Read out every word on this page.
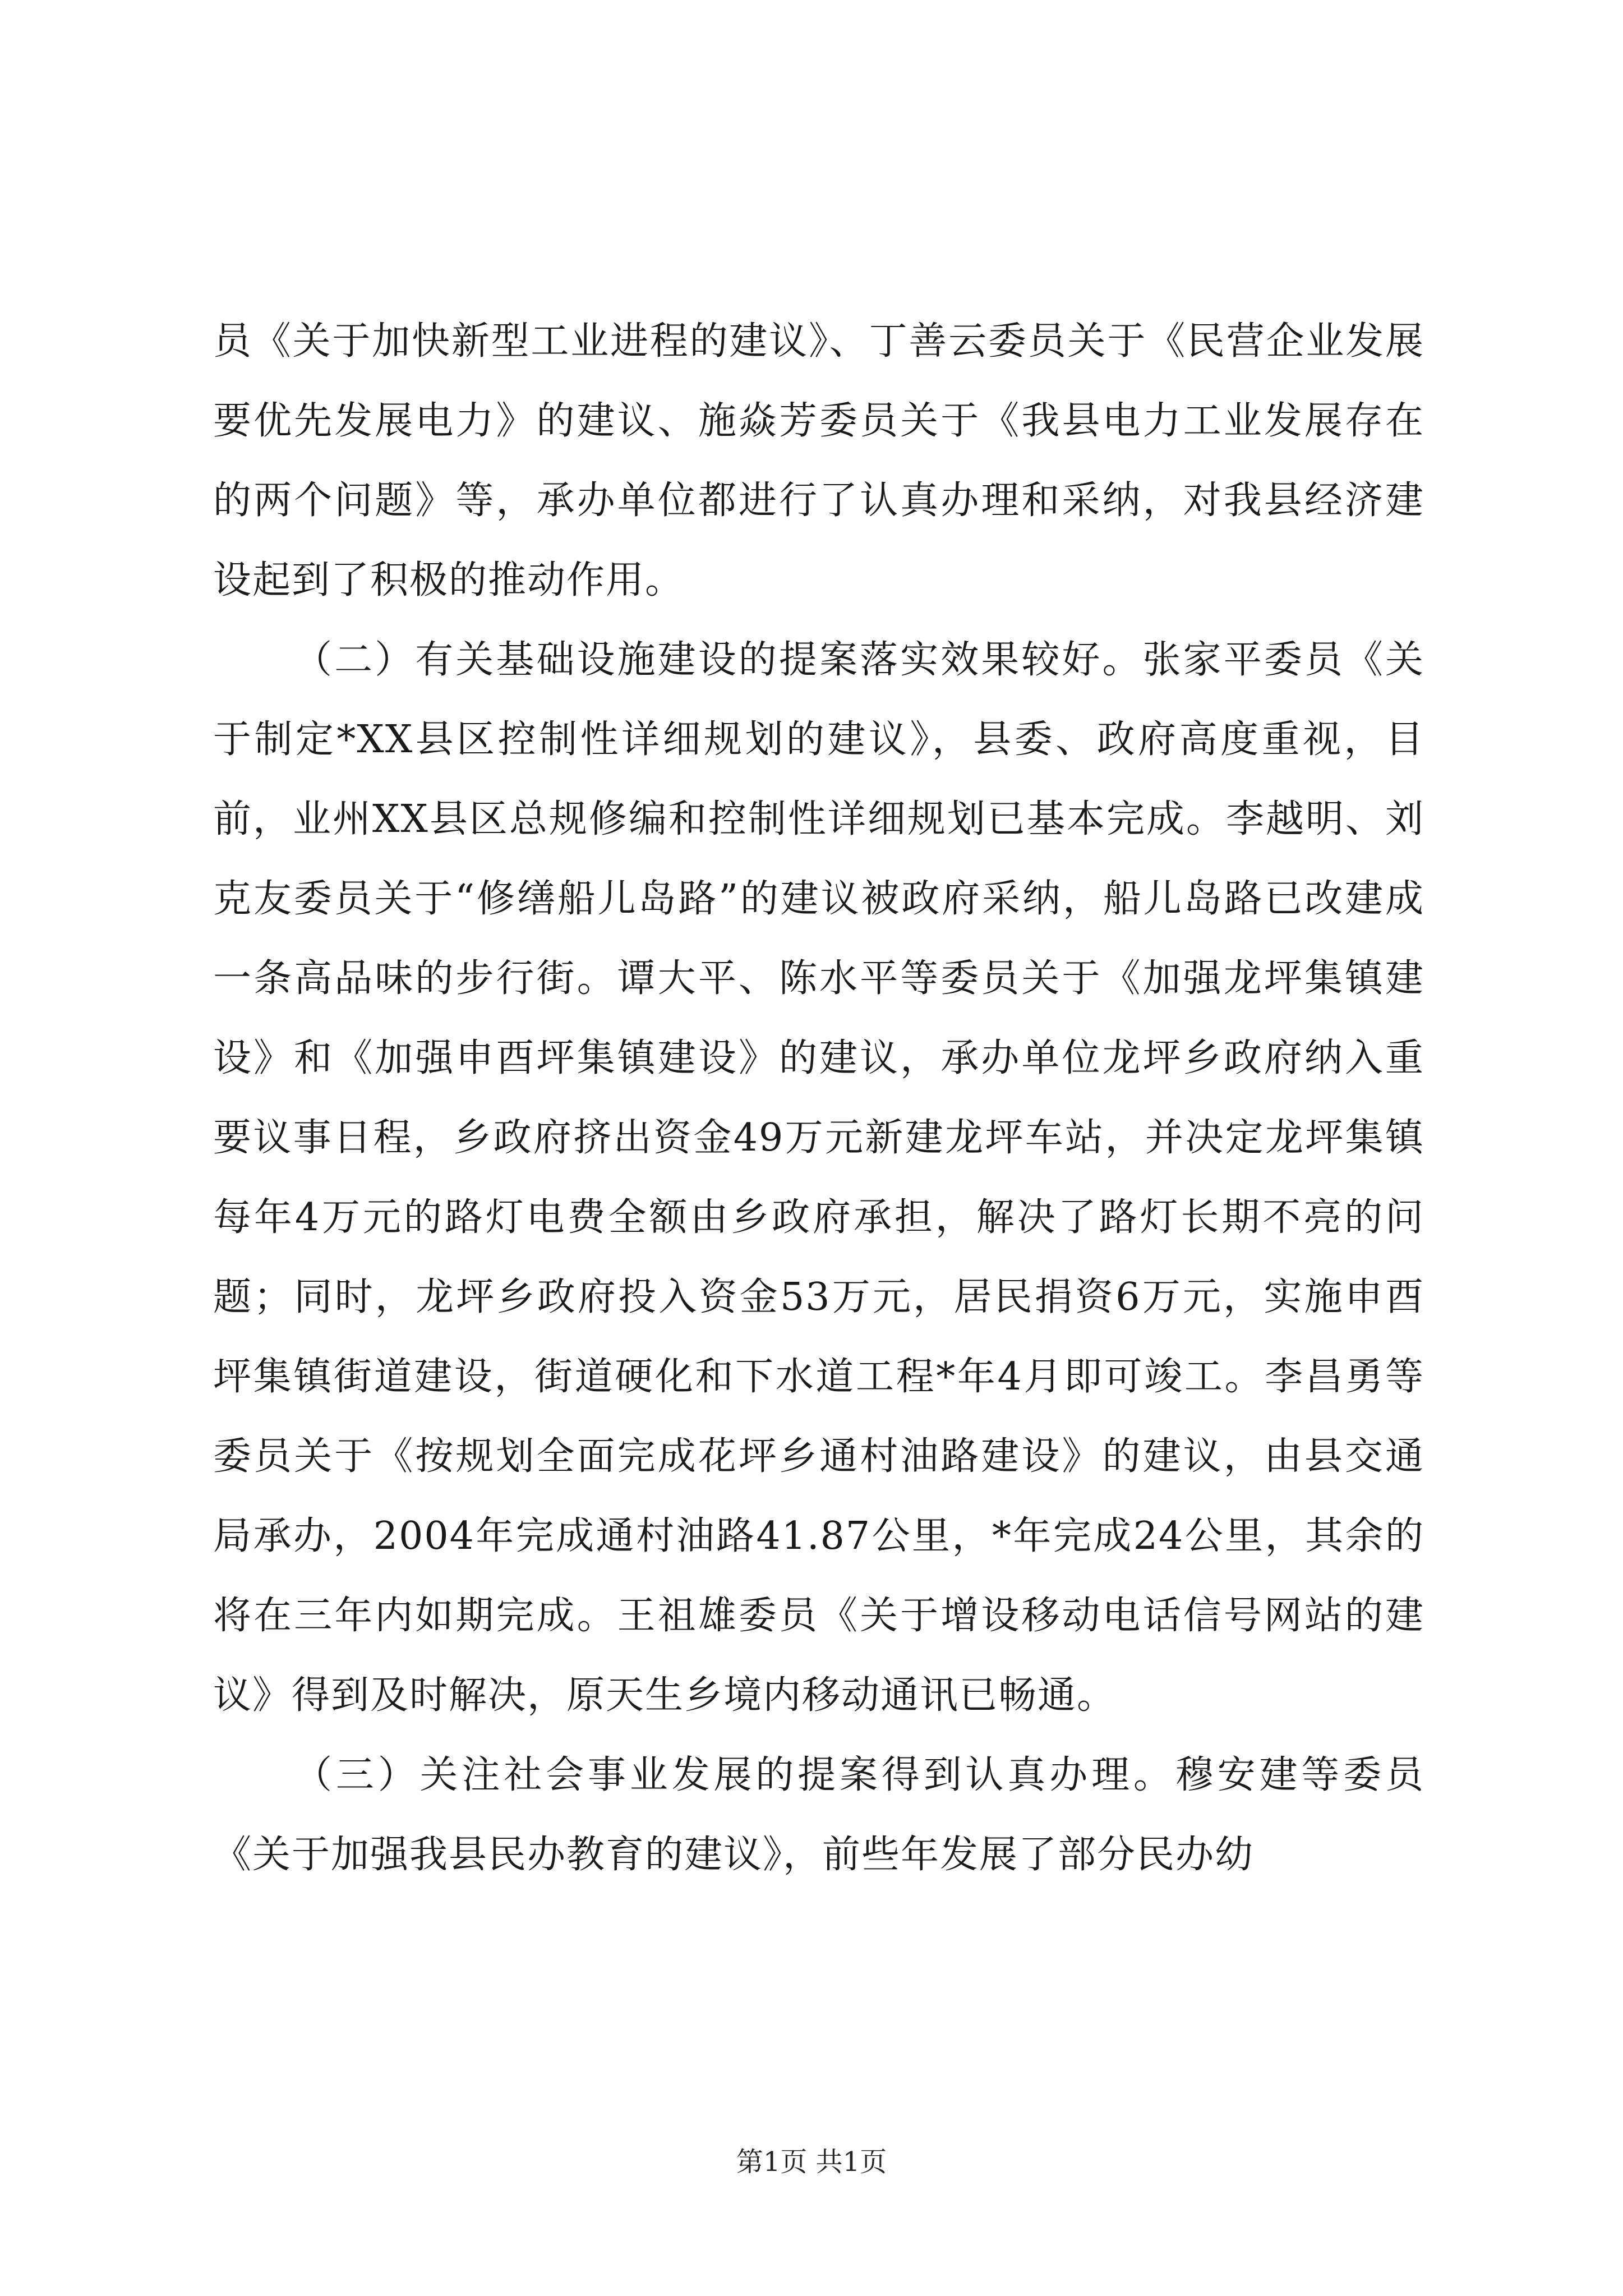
员《关于加快新型工业进程的建议》、丁善云委员关于《民营企业发展要优先发展电力》的建议、施焱芳委员关于《我县电力工业发展存在的两个问题》等，承办单位都进行了认真办理和采纳，对我县经济建设起到了积极的推动作用。

（二）有关基础设施建设的提案落实效果较好。张家平委员《关于制定*XX县区控制性详细规划的建议》，县委、政府高度重视，目前，业州XX县区总规修编和控制性详细规划已基本完成。李越明、刘克友委员关于“修缮船儿岛路”的建议被政府采纳，船儿岛路已改建成一条高品味的步行街。谭大平、陈水平等委员关于《加强龙坪集镇建设》和《加强申酉坪集镇建设》的建议，承办单位龙坪乡政府纳入重要议事日程，乡政府挤出资金49万元新建龙坪车站，并决定龙坪集镇每年4万元的路灯电费全额由乡政府承担，解决了路灯长期不亮的问题；同时，龙坪乡政府投入资金53万元，居民捐资6万元，实施申酉坪集镇街道建设，街道硬化和下水道工程*年4月即可竣工。李昌勇等委员关于《按规划全面完成花坪乡通村油路建设》的建议，由县交通局承办，2004年完成通村油路41.87公里，*年完成24公里，其余的将在三年内如期完成。王祖雄委员《关于增设移动电话信号网站的建议》得到及时解决，原天生乡境内移动通讯已畅通。

（三）关注社会事业发展的提案得到认真办理。穆安建等委员《关于加强我县民办教育的建议》，前些年发展了部分民办幼

第1页 共1页
